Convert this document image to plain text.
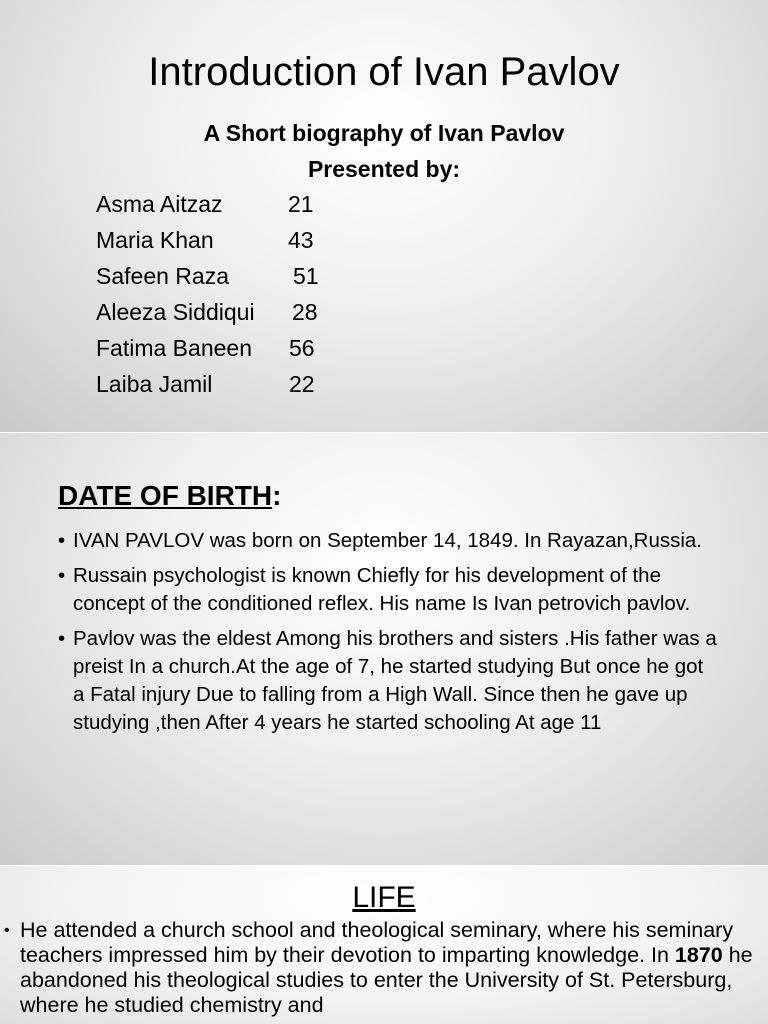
Introduction of Ivan Pavlov
A Short biography of Ivan Pavlov
Presented by:
Asma Aitzaz	21
Maria Khan	43
Safeen Raza	51
Aleeza Siddiqui 28
Fatima Baneen 56
Laiba Jamil	22
DATE OF BIRTH:
• IVAN PAVLOV was born on September 14, 1849. In Rayazan,Russia.
• Russain psychologist is known Chiefly for his development of the concept of the conditioned reflex. His name Is Ivan petrovich pavlov.
• Pavlov was the eldest Among his brothers and sisters .His father was a preist In a church.At the age of 7, he started studying But once he got a Fatal injury Due to falling from a High Wall. Since then he gave up studying ,then After 4 years he started schooling At age 11
LIFE
• He attended a church school and theological seminary, where his seminary teachers impressed him by their devotion to imparting knowledge. In 1870 he abandoned his theological studies to enter the University of St. Petersburg, where he studied chemistry and
